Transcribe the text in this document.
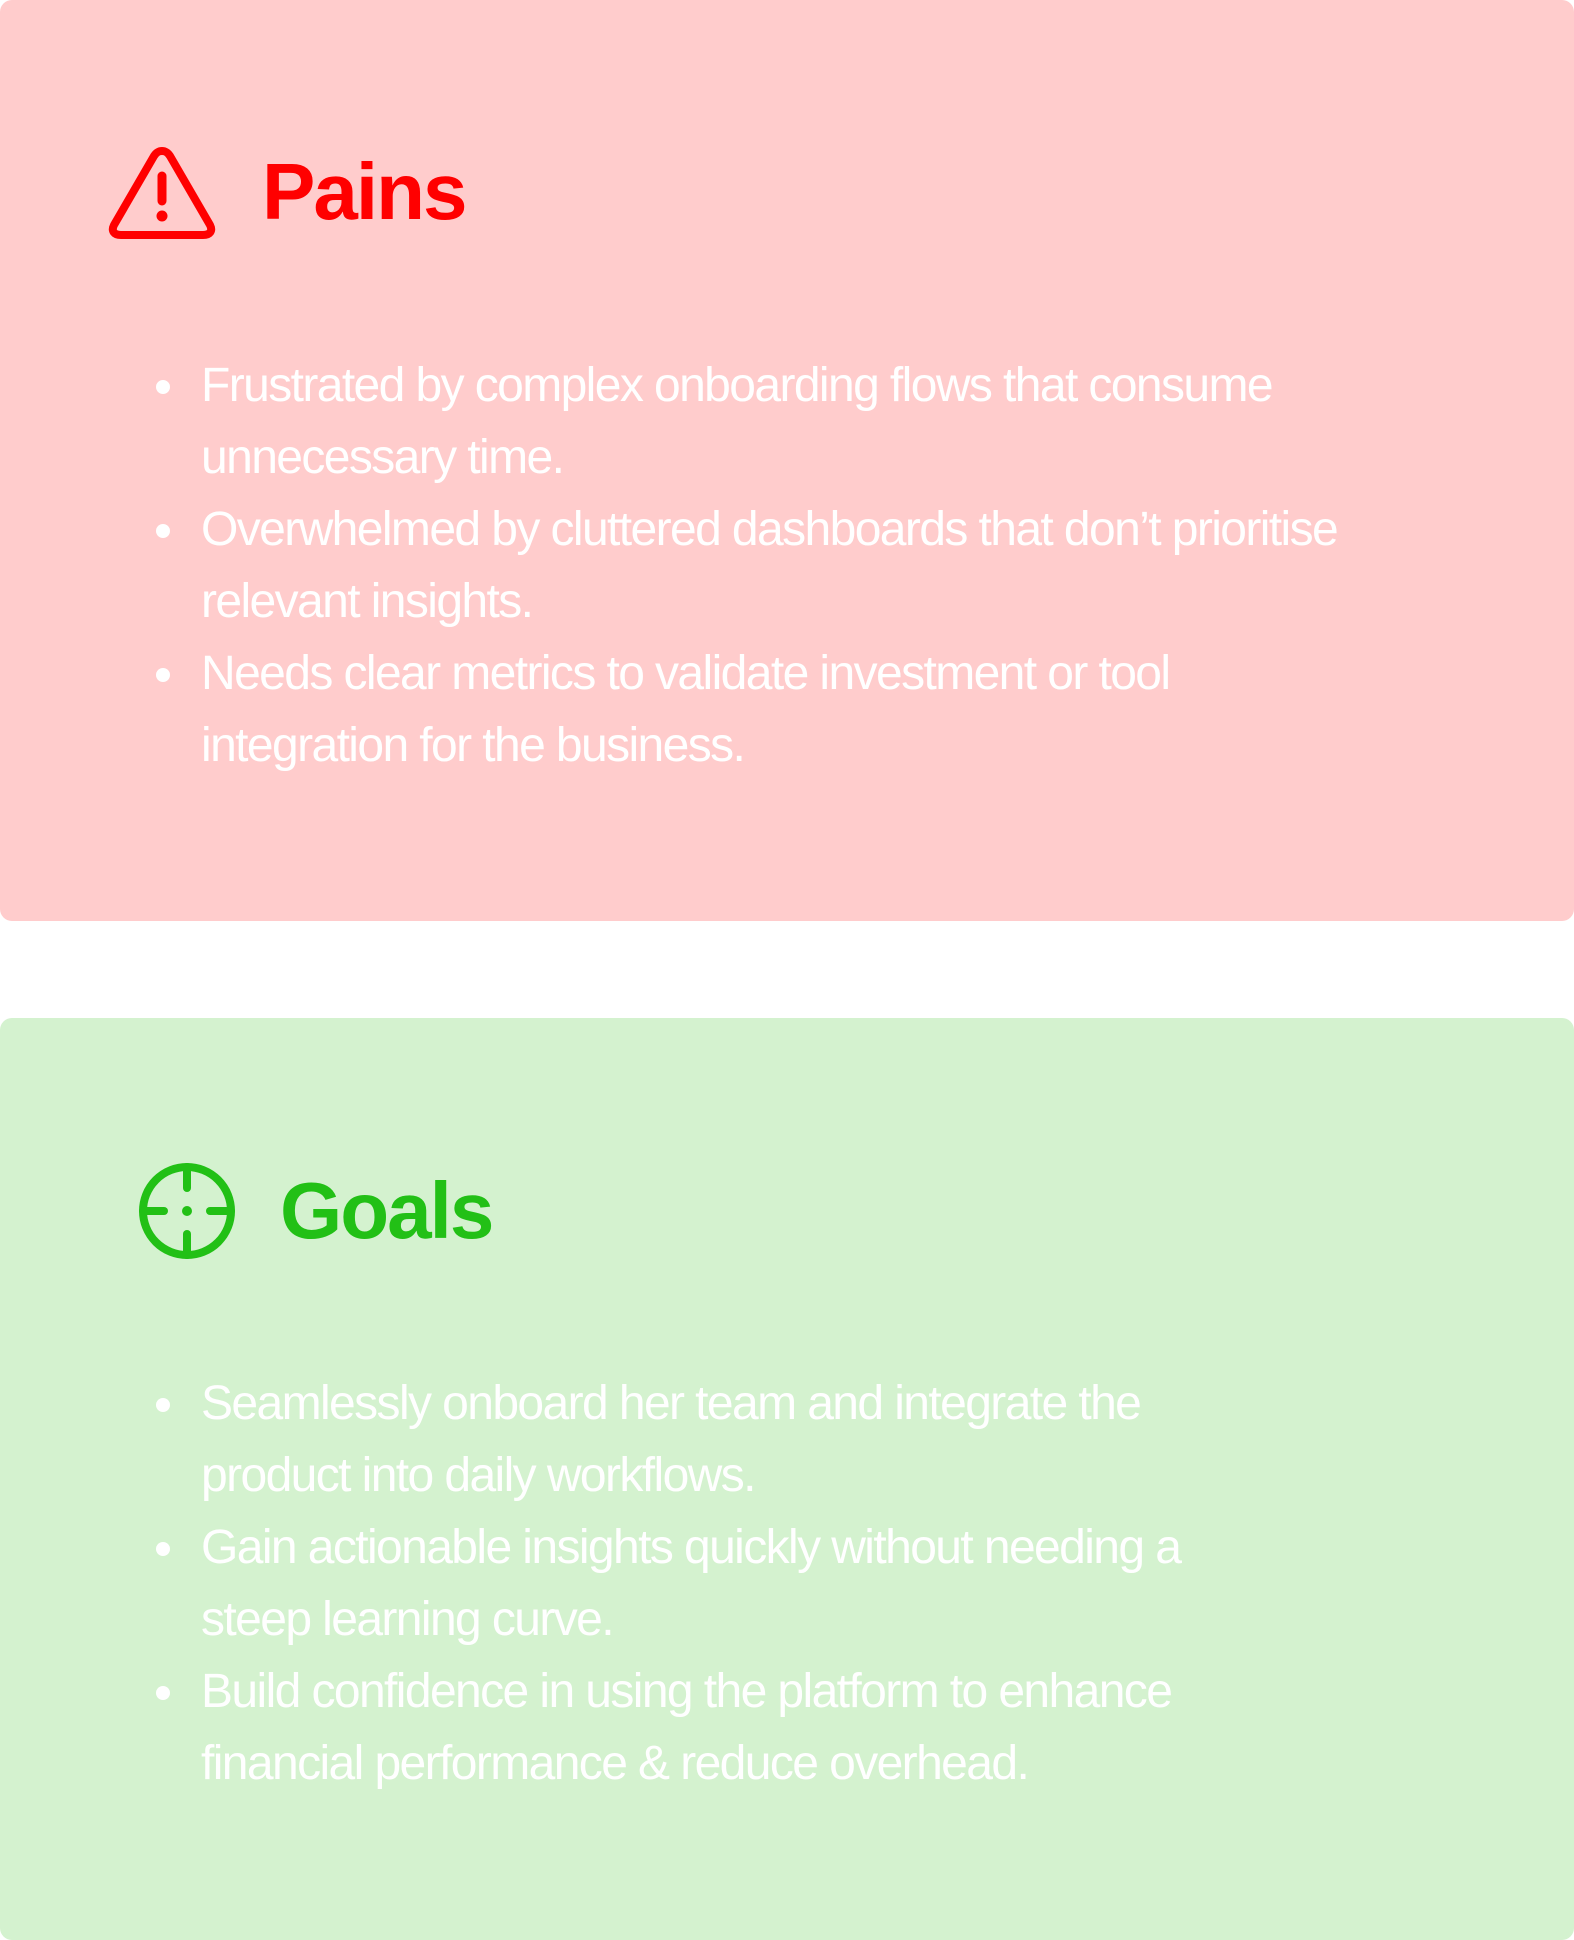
Pains
Frustrated by complex onboarding flows that consume
unnecessary time.
Overwhelmed by cluttered dashboards that don’t prioritise
relevant insights.
Needs clear metrics to validate investment or tool
integration for the business.
Goals
Seamlessly onboard her team and integrate the
product into daily workflows.
Gain actionable insights quickly without needing a
steep learning curve.
Build confidence in using the platform to enhance
financial performance & reduce overhead.
